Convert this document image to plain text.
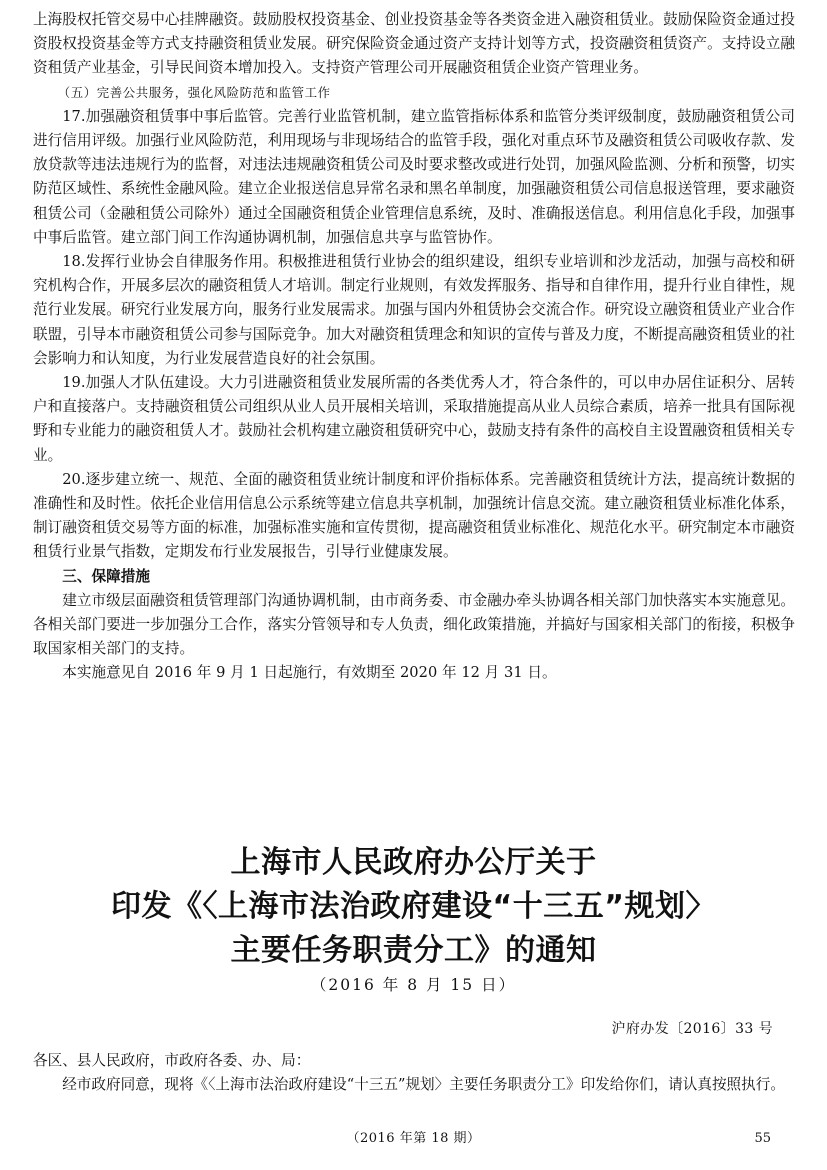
上海股权托管交易中心挂牌融资。鼓励股权投资基金、创业投资基金等各类资金进入融资租赁业。鼓励保险资金通过投资股权投资基金等方式支持融资租赁业发展。研究保险资金通过资产支持计划等方式，投资融资租赁资产。支持设立融资租赁产业基金，引导民间资本增加投入。支持资产管理公司开展融资租赁企业资产管理业务。

（五）完善公共服务，强化风险防范和监管工作

17.加强融资租赁事中事后监管。完善行业监管机制，建立监管指标体系和监管分类评级制度，鼓励融资租赁公司进行信用评级。加强行业风险防范，利用现场与非现场结合的监管手段，强化对重点环节及融资租赁公司吸收存款、发放贷款等违法违规行为的监督，对违法违规融资租赁公司及时要求整改或进行处罚，加强风险监测、分析和预警，切实防范区域性、系统性金融风险。建立企业报送信息异常名录和黑名单制度，加强融资租赁公司信息报送管理，要求融资租赁公司（金融租赁公司除外）通过全国融资租赁企业管理信息系统，及时、准确报送信息。利用信息化手段，加强事中事后监管。建立部门间工作沟通协调机制，加强信息共享与监管协作。

18.发挥行业协会自律服务作用。积极推进租赁行业协会的组织建设，组织专业培训和沙龙活动，加强与高校和研究机构合作，开展多层次的融资租赁人才培训。制定行业规则，有效发挥服务、指导和自律作用，提升行业自律性，规范行业发展。研究行业发展方向，服务行业发展需求。加强与国内外租赁协会交流合作。研究设立融资租赁业产业合作联盟，引导本市融资租赁公司参与国际竞争。加大对融资租赁理念和知识的宣传与普及力度，不断提高融资租赁业的社会影响力和认知度，为行业发展营造良好的社会氛围。

19.加强人才队伍建设。大力引进融资租赁业发展所需的各类优秀人才，符合条件的，可以申办居住证积分、居转户和直接落户。支持融资租赁公司组织从业人员开展相关培训，采取措施提高从业人员综合素质，培养一批具有国际视野和专业能力的融资租赁人才。鼓励社会机构建立融资租赁研究中心，鼓励支持有条件的高校自主设置融资租赁相关专业。

20.逐步建立统一、规范、全面的融资租赁业统计制度和评价指标体系。完善融资租赁统计方法，提高统计数据的准确性和及时性。依托企业信用信息公示系统等建立信息共享机制，加强统计信息交流。建立融资租赁业标准化体系，制订融资租赁交易等方面的标准，加强标准实施和宣传贯彻，提高融资租赁业标准化、规范化水平。研究制定本市融资租赁行业景气指数，定期发布行业发展报告，引导行业健康发展。

三、保障措施

建立市级层面融资租赁管理部门沟通协调机制，由市商务委、市金融办牵头协调各相关部门加快落实本实施意见。各相关部门要进一步加强分工合作，落实分管领导和专人负责，细化政策措施，并搞好与国家相关部门的衔接，积极争取国家相关部门的支持。

本实施意见自 2016 年 9 月 1 日起施行，有效期至 2020 年 12 月 31 日。

上海市人民政府办公厅关于
印发《〈上海市法治政府建设“十三五”规划〉
主要任务职责分工》的通知
（2016 年 8 月 15 日）
沪府办发〔2016〕33 号

各区、县人民政府，市政府各委、办、局：

经市政府同意，现将《〈上海市法治政府建设“十三五”规划〉主要任务职责分工》印发给你们，请认真按照执行。

（2016 年第 18 期）	55
